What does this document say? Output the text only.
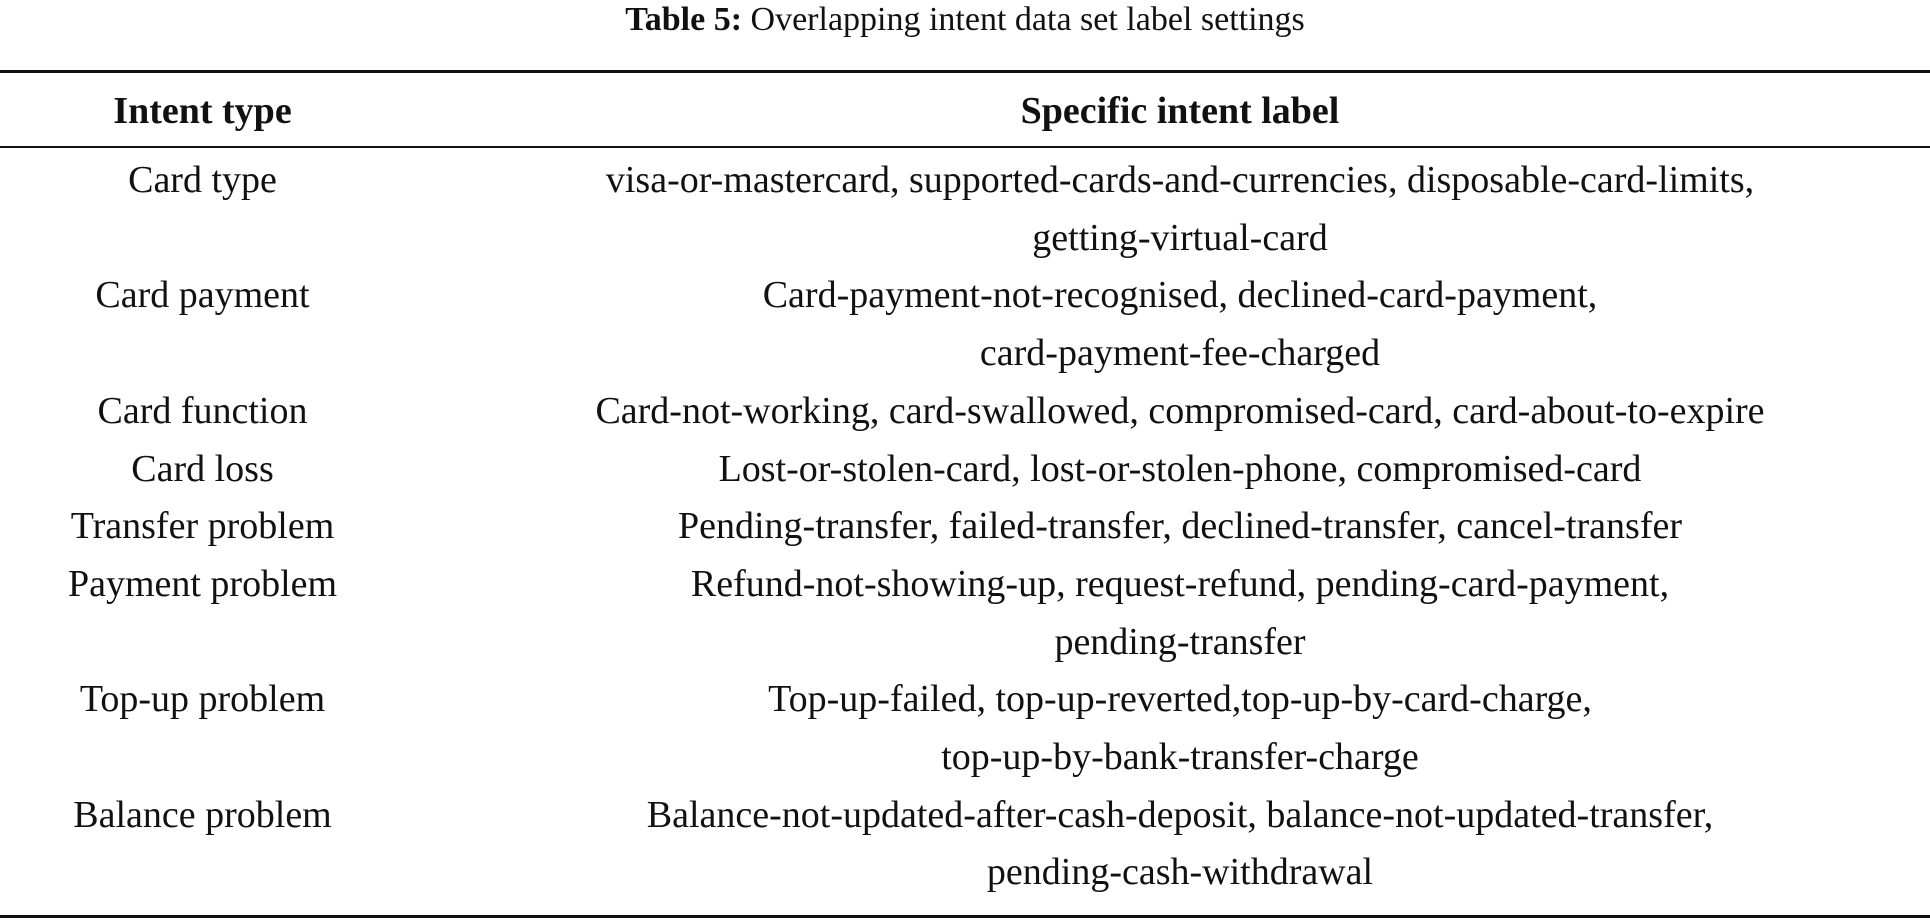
Table 5: Overlapping intent data set label settings
Intent type	Specific intent label
Card type	visa-or-mastercard, supported-cards-and-currencies, disposable-card-limits,
getting-virtual-card
Card payment	Card-payment-not-recognised, declined-card-payment,
card-payment-fee-charged
Card function	Card-not-working, card-swallowed, compromised-card, card-about-to-expire
Card loss	Lost-or-stolen-card, lost-or-stolen-phone, compromised-card
Transfer problem	Pending-transfer, failed-transfer, declined-transfer, cancel-transfer
Payment problem	Refund-not-showing-up, request-refund, pending-card-payment,
pending-transfer
Top-up problem	Top-up-failed, top-up-reverted,top-up-by-card-charge,
top-up-by-bank-transfer-charge
Balance problem	Balance-not-updated-after-cash-deposit, balance-not-updated-transfer,
pending-cash-withdrawal
